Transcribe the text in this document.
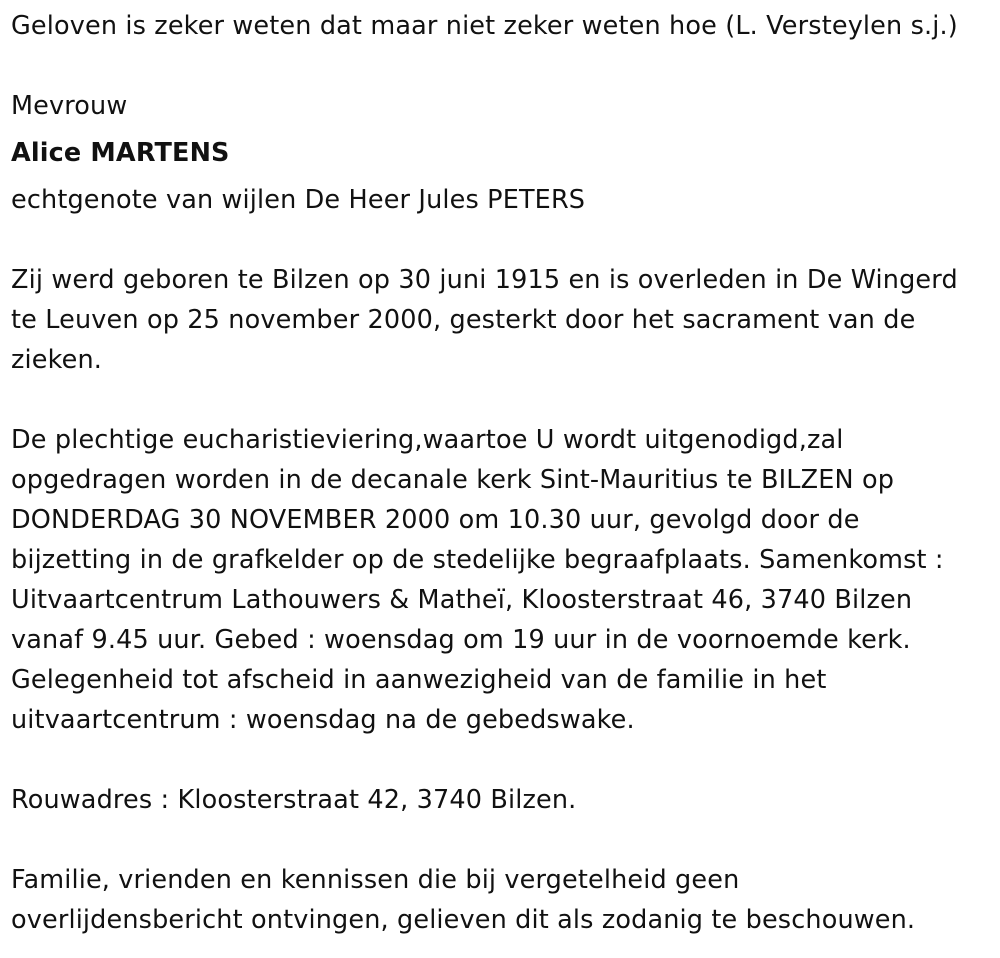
Geloven is zeker weten dat maar niet zeker weten hoe (L. Versteylen s.j.)

Mevrouw

Alice MARTENS

echtgenote van wijlen De Heer Jules PETERS

Zij werd geboren te Bilzen op 30 juni 1915 en is overleden in De Wingerd

te Leuven op 25 november 2000, gesterkt door het sacrament van de

zieken.

De plechtige eucharistieviering,waartoe U wordt uitgenodigd,zal

opgedragen worden in de decanale kerk Sint-Mauritius te BILZEN op

DONDERDAG 30 NOVEMBER 2000 om 10.30 uur, gevolgd door de

bijzetting in de grafkelder op de stedelijke begraafplaats. Samenkomst :

Uitvaartcentrum Lathouwers & Matheï, Kloosterstraat 46, 3740 Bilzen

vanaf 9.45 uur. Gebed : woensdag om 19 uur in de voornoemde kerk.

Gelegenheid tot afscheid in aanwezigheid van de familie in het

uitvaartcentrum : woensdag na de gebedswake.

Rouwadres : Kloosterstraat 42, 3740 Bilzen.

Familie, vrienden en kennissen die bij vergetelheid geen

overlijdensbericht ontvingen, gelieven dit als zodanig te beschouwen.
